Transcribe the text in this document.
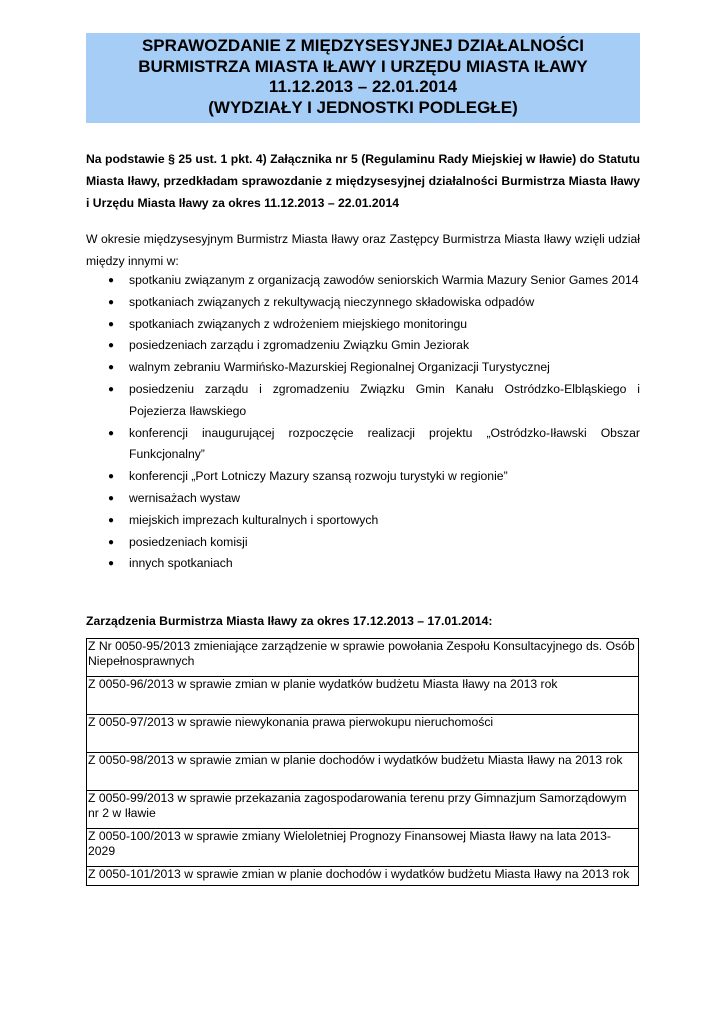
SPRAWOZDANIE Z MIĘDZYSESYJNEJ DZIAŁALNOŚCI
BURMISTRZA MIASTA IŁAWY I URZĘDU MIASTA IŁAWY
11.12.2013 – 22.01.2014
(WYDZIAŁY I JEDNOSTKI PODLEGŁE)
Na podstawie § 25 ust. 1 pkt. 4) Załącznika nr 5 (Regulaminu Rady Miejskiej w Iławie) do Statutu Miasta Iławy, przedkładam sprawozdanie z międzysesyjnej działalności Burmistrza Miasta Iławy i Urzędu Miasta Iławy za okres 11.12.2013 – 22.01.2014
W okresie międzysesyjnym Burmistrz Miasta Iławy oraz Zastępcy Burmistrza Miasta Iławy wzięli udział między innymi w:
● spotkaniu związanym z organizacją zawodów seniorskich Warmia Mazury Senior Games 2014
● spotkaniach związanych z rekultywacją nieczynnego składowiska odpadów
● spotkaniach związanych z wdrożeniem miejskiego monitoringu
● posiedzeniach zarządu i zgromadzeniu Związku Gmin Jeziorak
● walnym zebraniu Warmińsko-Mazurskiej Regionalnej Organizacji Turystycznej
● posiedzeniu zarządu i zgromadzeniu Związku Gmin Kanału Ostródzko-Elbląskiego i Pojezierza Iławskiego
● konferencji inaugurującej rozpoczęcie realizacji projektu „Ostródzko-Iławski Obszar Funkcjonalny”
● konferencji „Port Lotniczy Mazury szansą rozwoju turystyki w regionie”
● wernisażach wystaw
● miejskich imprezach kulturalnych i sportowych
● posiedzeniach komisji
● innych spotkaniach
Zarządzenia Burmistrza Miasta Iławy za okres 17.12.2013 – 17.01.2014:
Z Nr 0050-95/2013 zmieniające zarządzenie w sprawie powołania Zespołu Konsultacyjnego ds. Osób Niepełnosprawnych
Z 0050-96/2013 w sprawie zmian w planie wydatków budżetu Miasta Iławy na 2013 rok
Z 0050-97/2013 w sprawie niewykonania prawa pierwokupu nieruchomości
Z 0050-98/2013 w sprawie zmian w planie dochodów i wydatków budżetu Miasta Iławy na 2013 rok
Z 0050-99/2013 w sprawie przekazania zagospodarowania terenu przy Gimnazjum Samorządowym nr 2 w Iławie
Z 0050-100/2013 w sprawie zmiany Wieloletniej Prognozy Finansowej Miasta Iławy na lata 2013-2029
Z 0050-101/2013 w sprawie zmian w planie dochodów i wydatków budżetu Miasta Iławy na 2013 rok
